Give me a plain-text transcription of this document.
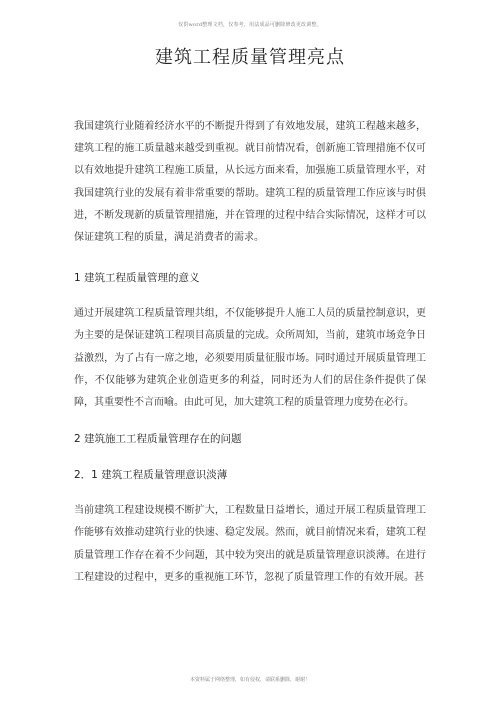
仅供word整理文档，仅参考，用法成品可删除修改更改调整。
建筑工程质量管理亮点

我国建筑行业随着经济水平的不断提升得到了有效地发展，建筑工程越来越多，建筑工程的施工质量越来越受到重视。就目前情况看，创新施工管理措施不仅可以有效地提升建筑工程施工质量，从长远方面来看，加强施工质量管理水平，对我国建筑行业的发展有着非常重要的帮助。建筑工程的质量管理工作应该与时俱进，不断发现新的质量管理措施，并在管理的过程中结合实际情况，这样才可以保证建筑工程的质量，满足消费者的需求。

1 建筑工程质量管理的意义

通过开展建筑工程质量管理共组，不仅能够提升人施工人员的质量控制意识，更为主要的是保证建筑工程项目高质量的完成。众所周知，当前，建筑市场竞争日益激烈，为了占有一席之地，必须要用质量征服市场。同时通过开展质量管理工作，不仅能够为建筑企业创造更多的利益，同时还为人们的居住条件提供了保障，其重要性不言而喻。由此可见，加大建筑工程的质量管理力度势在必行。

2 建筑施工工程质量管理存在的问题

2．1 建筑工程质量管理意识淡薄

当前建筑工程建设规模不断扩大，工程数量日益增长，通过开展工程质量管理工作能够有效推动建筑行业的快速、稳定发展。然而，就目前情况来看，建筑工程质量管理工作存在着不少问题，其中较为突出的就是质量管理意识淡薄。在进行工程建设的过程中，更多的重视施工环节，忽视了质量管理工作的有效开展。甚

本资料属于网络整理，如有侵权，请联系删除，谢谢！
